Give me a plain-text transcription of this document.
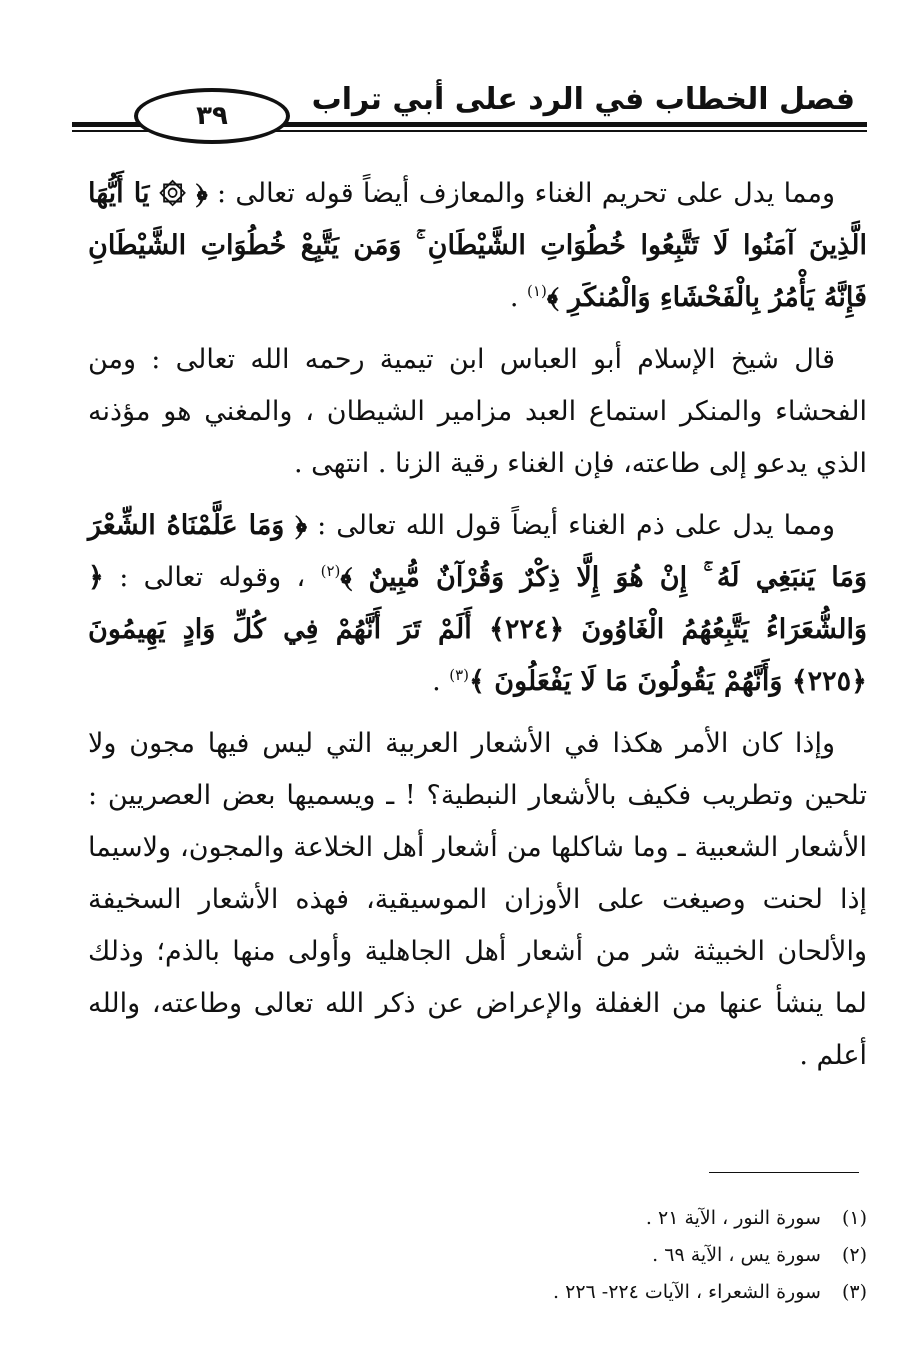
فصل الخطاب في الرد على أبي تراب
٣٩

ومما يدل على تحريم الغناء والمعازف أيضاً قوله تعالى : ﴿ ۞ يَا أَيُّهَا الَّذِينَ آمَنُوا لَا تَتَّبِعُوا خُطُوَاتِ الشَّيْطَانِ ۚ وَمَن يَتَّبِعْ خُطُوَاتِ الشَّيْطَانِ فَإِنَّهُ يَأْمُرُ بِالْفَحْشَاءِ وَالْمُنكَرِ ﴾$^{(١)}$ .

قال شيخ الإسلام أبو العباس ابن تيمية رحمه الله تعالى : ومن الفحشاء والمنكر استماع العبد مزامير الشيطان ، والمغني هو مؤذنه الذي يدعو إلى طاعته، فإن الغناء رقية الزنا . انتهى .

ومما يدل على ذم الغناء أيضاً قول الله تعالى : ﴿ وَمَا عَلَّمْنَاهُ الشِّعْرَ وَمَا يَنبَغِي لَهُ ۚ إِنْ هُوَ إِلَّا ذِكْرٌ وَقُرْآنٌ مُّبِينٌ ﴾$^{(٢)}$ ، وقوله تعالى : ﴿ وَالشُّعَرَاءُ يَتَّبِعُهُمُ الْغَاوُونَ ﴿٢٢٤﴾ أَلَمْ تَرَ أَنَّهُمْ فِي كُلِّ وَادٍ يَهِيمُونَ ﴿٢٢٥﴾ وَأَنَّهُمْ يَقُولُونَ مَا لَا يَفْعَلُونَ ﴾$^{(٣)}$ .

وإذا كان الأمر هكذا في الأشعار العربية التي ليس فيها مجون ولا تلحين وتطريب فكيف بالأشعار النبطية؟ ! ـ ويسميها بعض العصريين : الأشعار الشعبية ـ وما شاكلها من أشعار أهل الخلاعة والمجون، ولاسيما إذا لحنت وصيغت على الأوزان الموسيقية، فهذه الأشعار السخيفة والألحان الخبيثة شر من أشعار أهل الجاهلية وأولى منها بالذم؛ وذلك لما ينشأ عنها من الغفلة والإعراض عن ذكر الله تعالى وطاعته، والله أعلم .

(١) سورة النور ، الآية ٢١ .
(٢) سورة يس ، الآية ٦٩ .
(٣) سورة الشعراء ، الآيات ٢٢٤- ٢٢٦ .
